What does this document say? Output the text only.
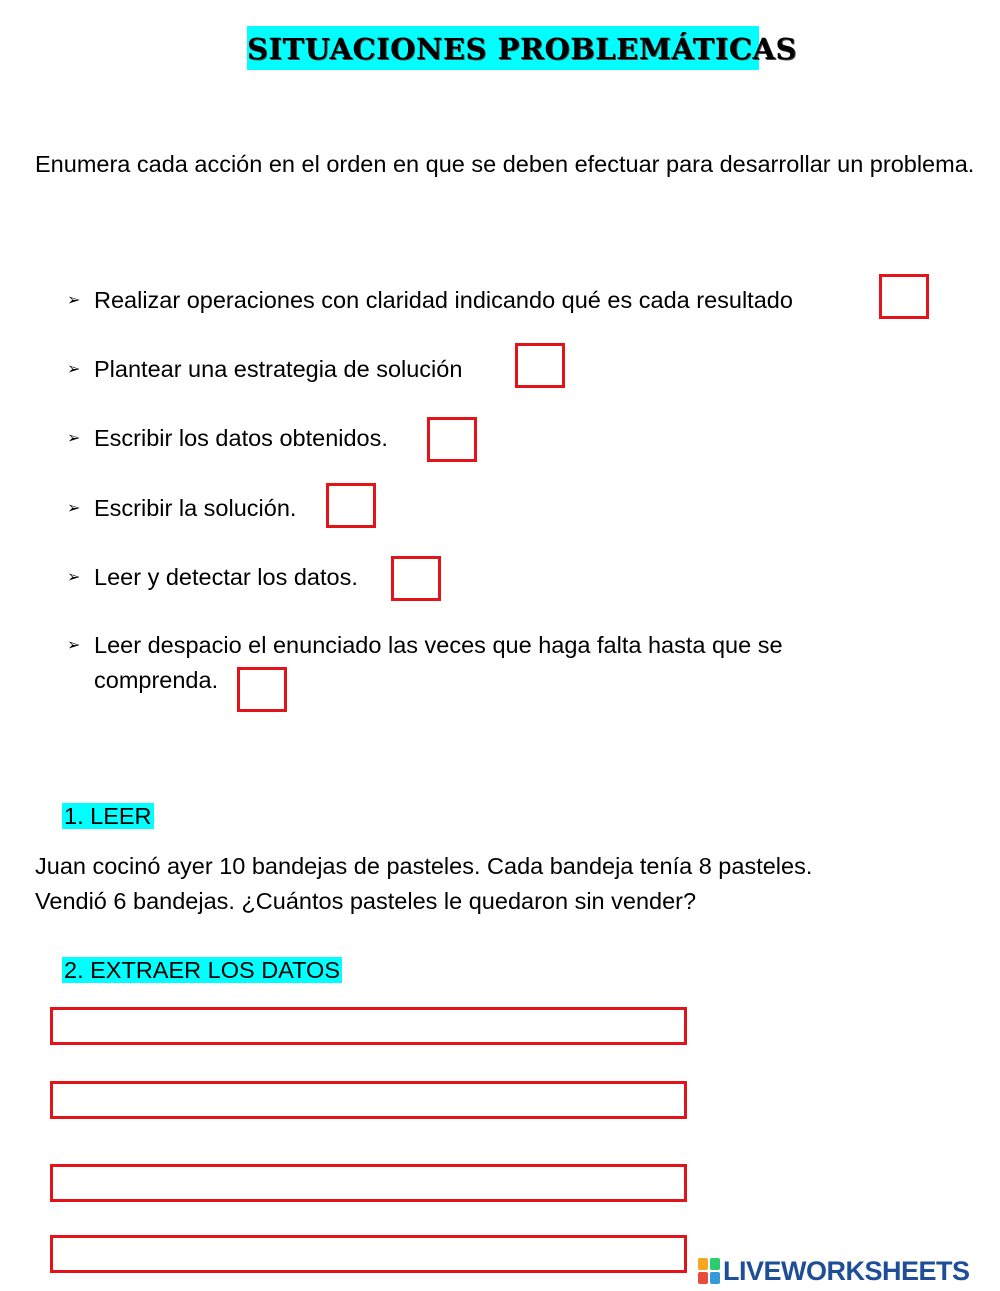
SITUACIONES PROBLEMÁTICAS
Enumera cada acción en el orden en que se deben efectuar para desarrollar un problema.
➢ Realizar operaciones con claridad indicando qué es cada resultado
➢ Plantear una estrategia de solución
➢ Escribir los datos obtenidos.
➢ Escribir la solución.
➢ Leer y detectar los datos.
➢ Leer despacio el enunciado las veces que haga falta hasta que se
comprenda.
1. LEER
Juan cocinó ayer 10 bandejas de pasteles. Cada bandeja tenía 8 pasteles.
Vendió 6 bandejas. ¿Cuántos pasteles le quedaron sin vender?
2. EXTRAER LOS DATOS
LIVEWORKSHEETS
